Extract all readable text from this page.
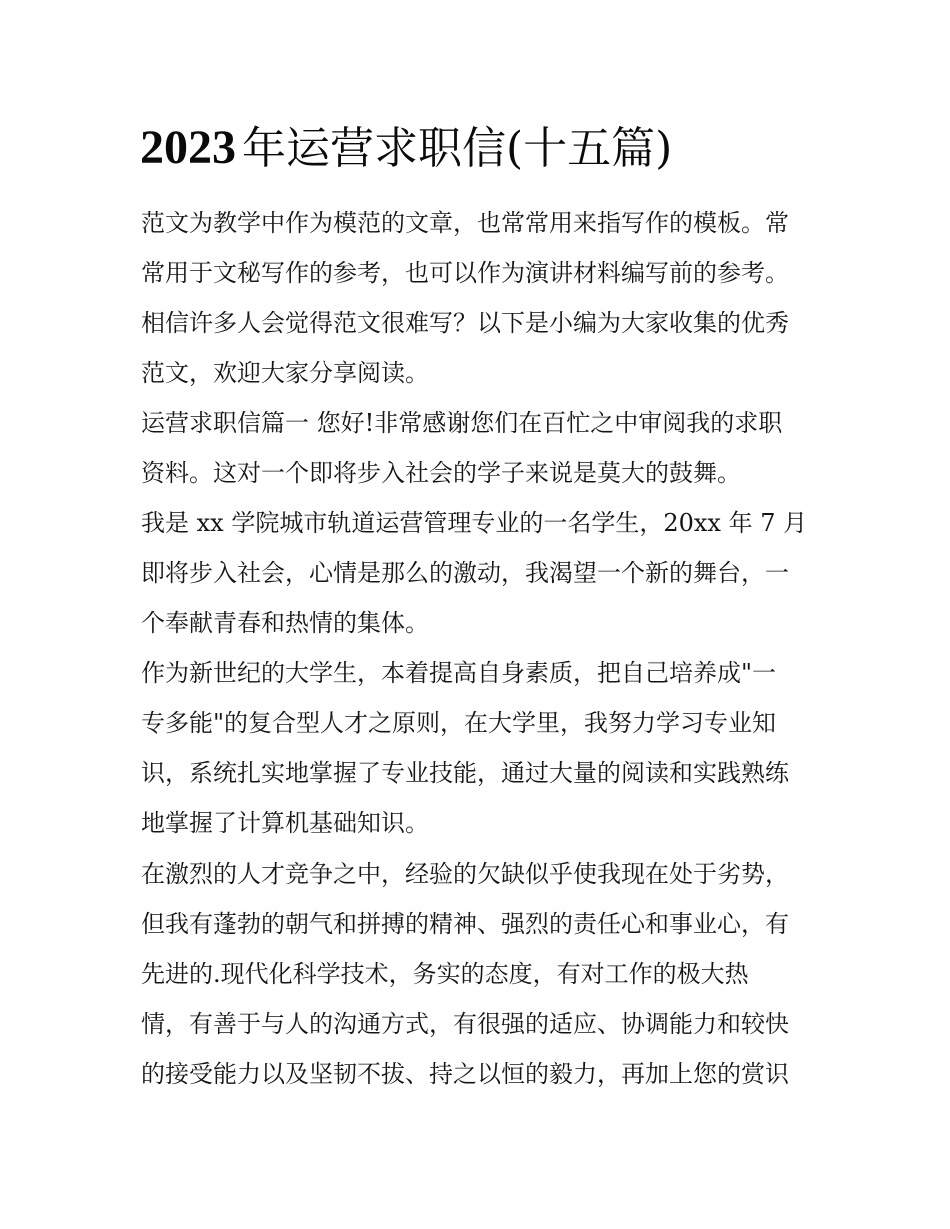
2023 年运营求职信(十五篇)
范文为教学中作为模范的文章，也常常用来指写作的模板。常
常用于文秘写作的参考，也可以作为演讲材料编写前的参考。
相信许多人会觉得范文很难写？以下是小编为大家收集的优秀
范文，欢迎大家分享阅读。
运营求职信篇一 您好!非常感谢您们在百忙之中审阅我的求职
资料。这对一个即将步入社会的学子来说是莫大的鼓舞。
我是 xx 学院城市轨道运营管理专业的一名学生，20xx 年 7 月
即将步入社会，心情是那么的激动，我渴望一个新的舞台，一
个奉献青春和热情的集体。
作为新世纪的大学生，本着提高自身素质，把自己培养成"一
专多能"的复合型人才之原则，在大学里，我努力学习专业知
识，系统扎实地掌握了专业技能，通过大量的阅读和实践熟练
地掌握了计算机基础知识。
在激烈的人才竞争之中，经验的欠缺似乎使我现在处于劣势，
但我有蓬勃的朝气和拼搏的精神、强烈的责任心和事业心，有
先进的.现代化科学技术，务实的态度，有对工作的极大热
情，有善于与人的沟通方式，有很强的适应、协调能力和较快
的接受能力以及坚韧不拔、持之以恒的毅力，再加上您的赏识
